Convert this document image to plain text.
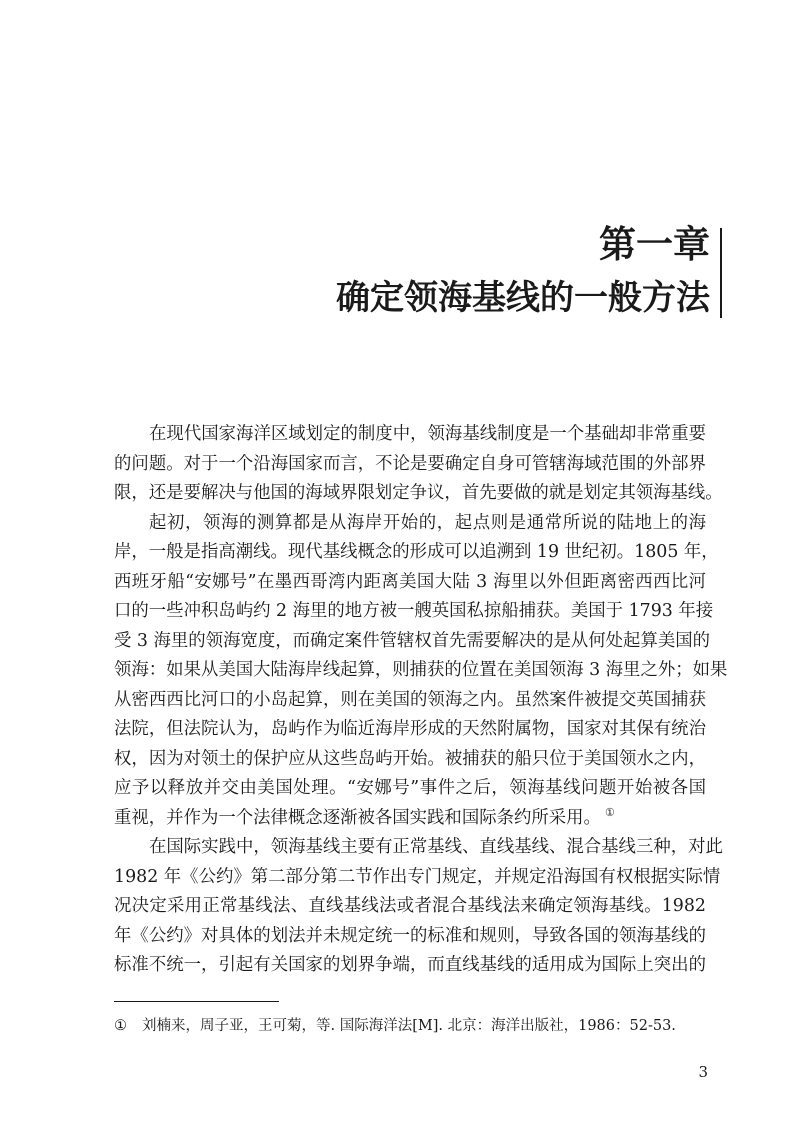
第一章
确定领海基线的一般方法
在现代国家海洋区域划定的制度中，领海基线制度是一个基础却非常重要
的问题。对于一个沿海国家而言，不论是要确定自身可管辖海域范围的外部界
限，还是要解决与他国的海域界限划定争议，首先要做的就是划定其领海基线。
起初，领海的测算都是从海岸开始的，起点则是通常所说的陆地上的海
岸，一般是指高潮线。现代基线概念的形成可以追溯到 19 世纪初。1805 年，
西班牙船“安娜号”在墨西哥湾内距离美国大陆 3 海里以外但距离密西西比河
口的一些冲积岛屿约 2 海里的地方被一艘英国私掠船捕获。美国于 1793 年接
受 3 海里的领海宽度，而确定案件管辖权首先需要解决的是从何处起算美国的
领海：如果从美国大陆海岸线起算，则捕获的位置在美国领海 3 海里之外；如果
从密西西比河口的小岛起算，则在美国的领海之内。虽然案件被提交英国捕获
法院，但法院认为，岛屿作为临近海岸形成的天然附属物，国家对其保有统治
权，因为对领土的保护应从这些岛屿开始。被捕获的船只位于美国领水之内，
应予以释放并交由美国处理。“安娜号”事件之后，领海基线问题开始被各国
重视，并作为一个法律概念逐渐被各国实践和国际条约所采用。 ①
在国际实践中，领海基线主要有正常基线、直线基线、混合基线三种，对此
1982 年《公约》第二部分第二节作出专门规定，并规定沿海国有权根据实际情
况决定采用正常基线法、直线基线法或者混合基线法来确定领海基线。1982
年《公约》对具体的划法并未规定统一的标准和规则，导致各国的领海基线的
标准不统一，引起有关国家的划界争端，而直线基线的适用成为国际上突出的
① 刘楠来，周子亚，王可菊，等. 国际海洋法[M]. 北京：海洋出版社，1986：52-53.
3
